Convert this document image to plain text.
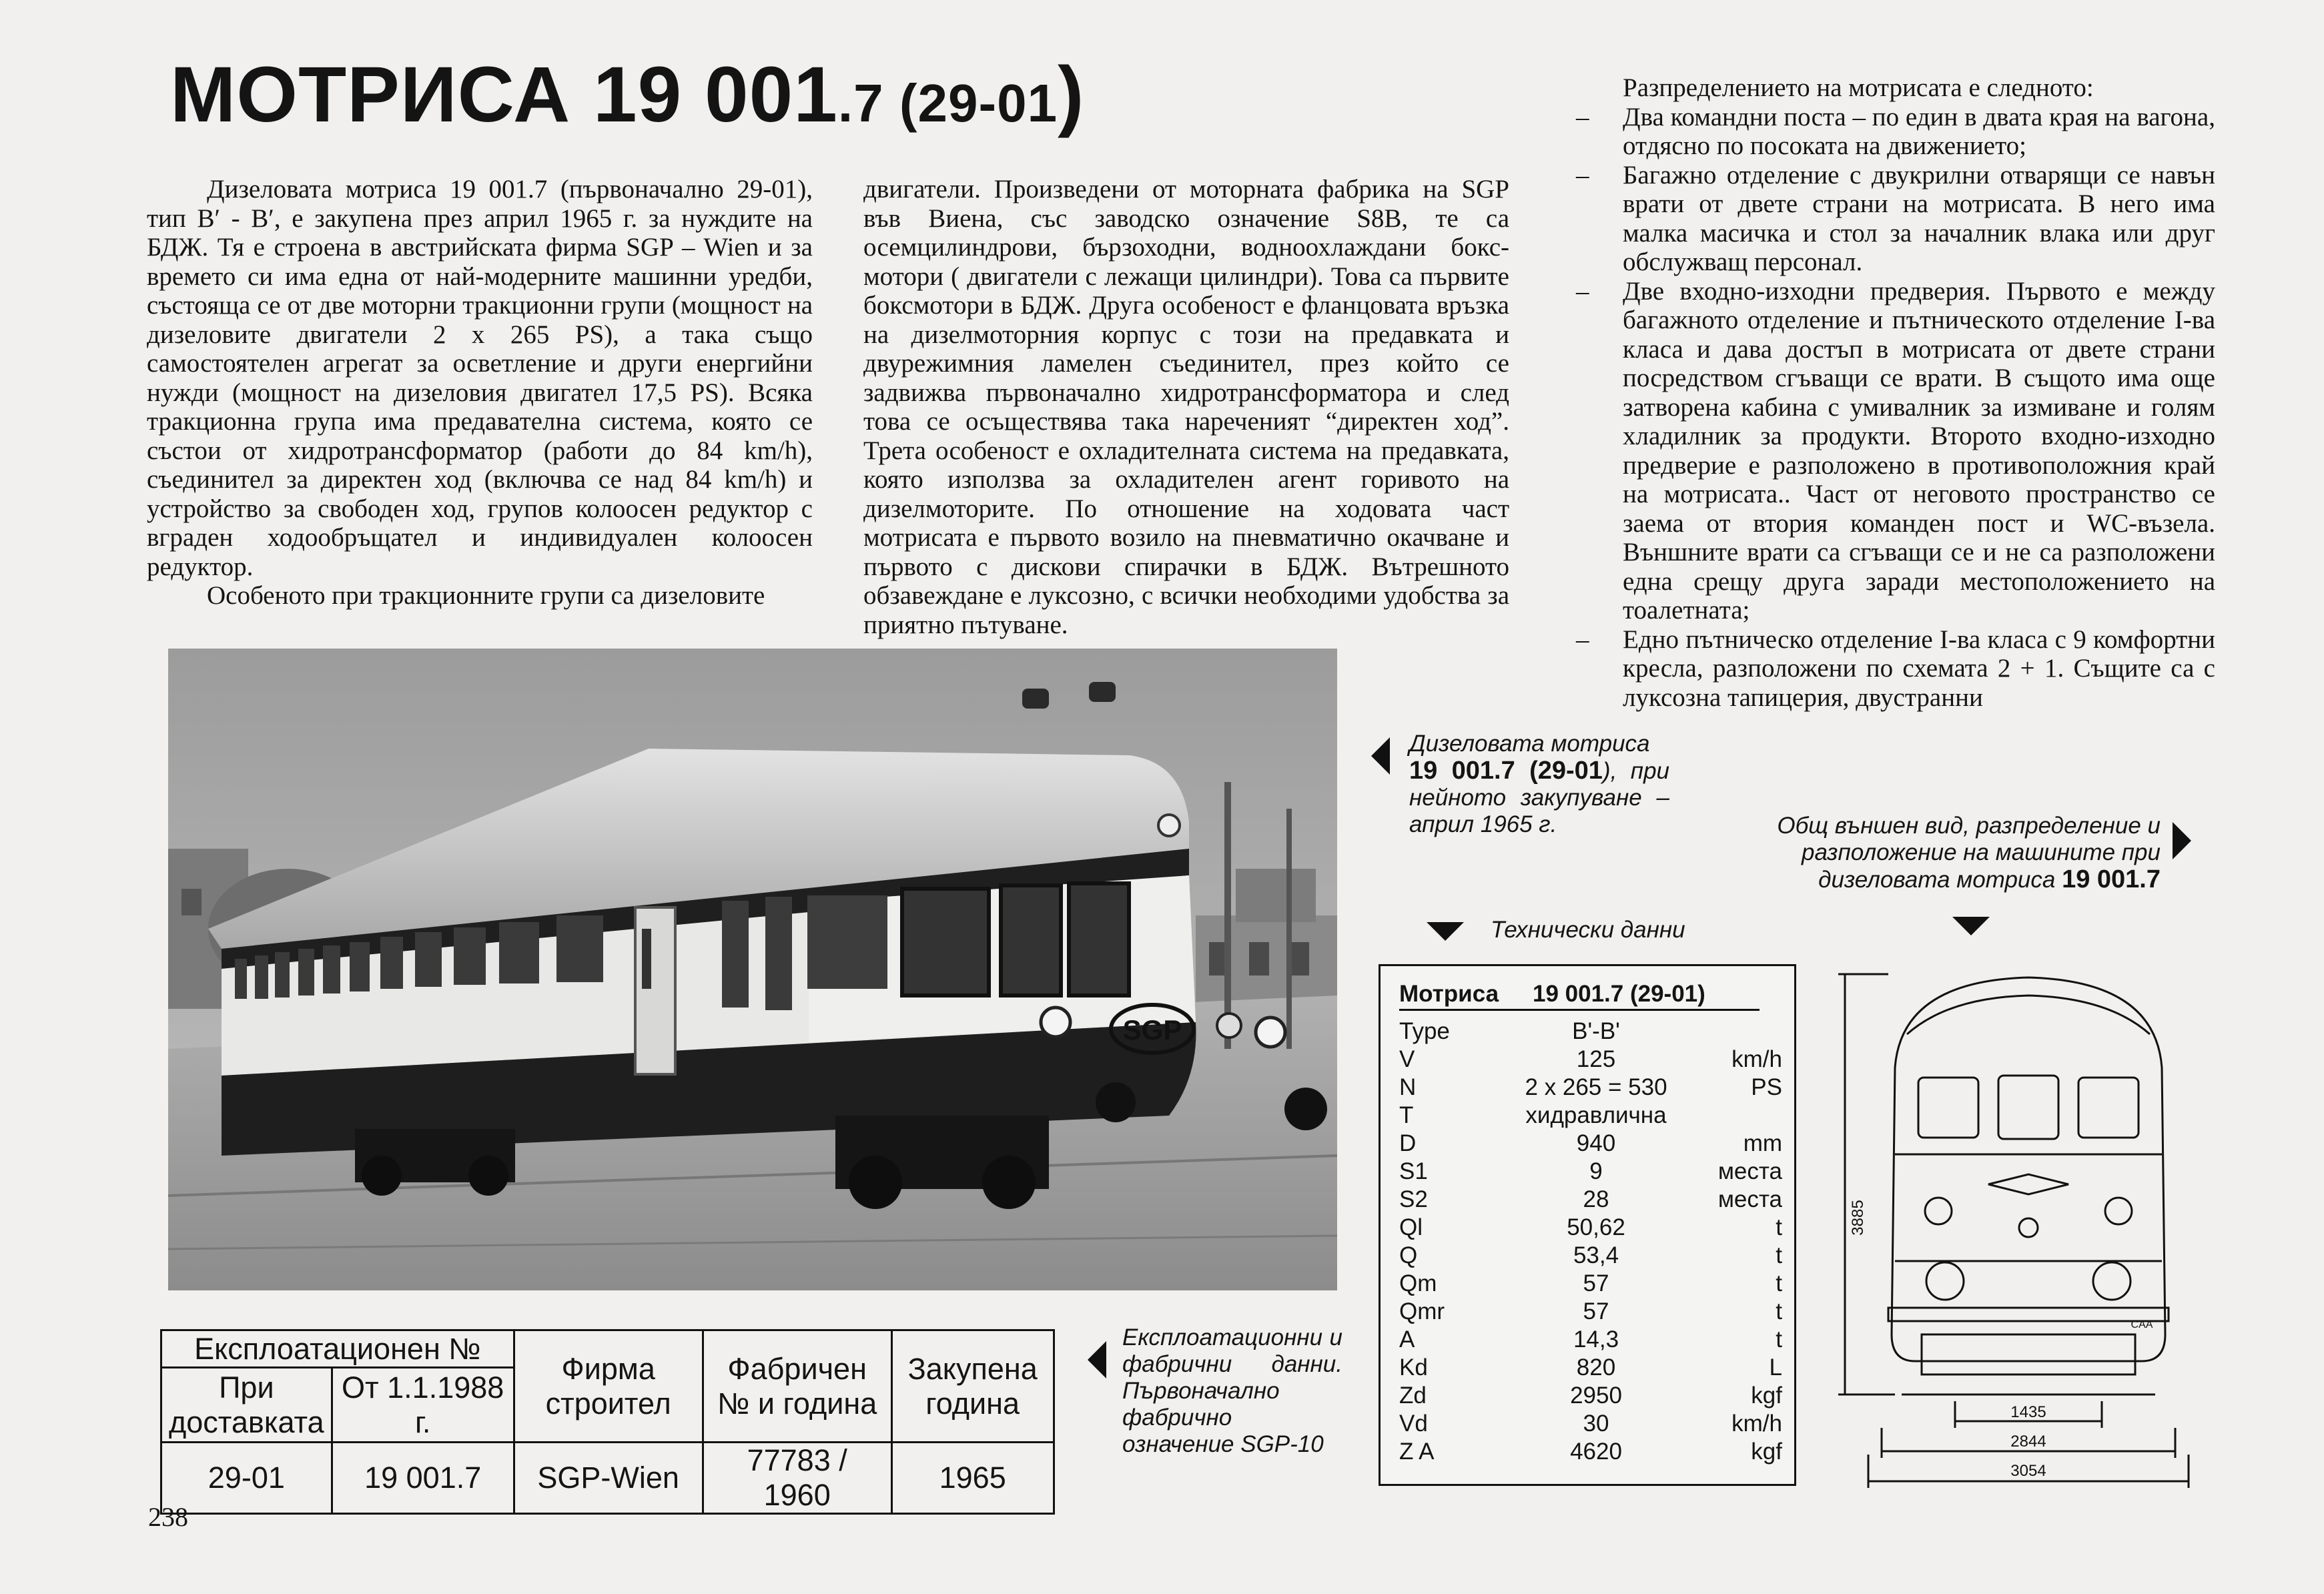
МОТРИСА 19 001.7 (29-01)

Дизеловата мотриса 19 001.7 (първоначално 29-01), тип B′ - B′, е закупена през април 1965 г. за нуждите на БДЖ. Тя е строена в австрийската фирма SGP – Wien и за времето си има една от най-модерните машинни уредби, състояща се от две моторни тракционни групи (мощност на дизеловите двигатели 2 х 265 PS), а така също самостоятелен агрегат за осветление и други енергийни нужди (мощност на дизеловия двигател 17,5 PS). Всяка тракционна група има предавателна система, която се състои от хидротрансформатор (работи до 84 km/h), съединител за директен ход (включва се над 84 km/h) и устройство за свободен ход, групов колоосен редуктор с вграден ходообръщател и индивидуален колоосен редуктор.

Особеното при тракционните групи са дизеловите

двигатели. Произведени от моторната фабрика на SGP във Виена, със заводско означение S8B, те са осемцилиндрови, бързоходни, водноохлаждани бокс-мотори ( двигатели с лежащи цилиндри). Това са първите боксмотори в БДЖ. Друга особеност е фланцовата връзка на дизелмоторния корпус с този на предавката и двурежимния ламелен съединител, през който се задвижва първоначално хидротрансформатора и след това се осъществява така нареченият “директен ход”. Трета особеност е охладителната система на предавката, която използва за охладителен агент горивото на дизелмоторите. По отношение на ходовата част мотрисата е първото возило на пневматично окачване и първото с дискови спирачки в БДЖ. Вътрешното обзавеждане е луксозно, с всички необходими удобства за приятно пътуване.

Разпределението на мотрисата е следното:

– Два командни поста – по един в двата края на вагона, отдясно по посоката на движението;
– Багажно отделение с двукрилни отварящи се навън врати от двете страни на мотрисата. В него има малка масичка и стол за началник влака или друг обслужващ персонал.
– Две входно-изходни предверия. Първото е между багажното отделение и пътническото отделение I-ва класа и дава достъп в мотрисата от двете страни посредством сгъващи се врати. В същото има още затворена кабина с умивалник за измиване и голям хладилник за продукти. Второто входно-изходно предверие е разположено в противоположния край на мотрисата.. Част от неговото пространство се заема от втория команден пост и WC-възела. Външните врати са сгъващи се и не са разположени една срещу друга заради местоположението на тоалетната;
– Едно пътническо отделение I-ва класа с 9 комфортни кресла, разположени по схемата 2 + 1. Същите са с луксозна тапицерия, двустранни
SGP
Дизеловата мотриса
19 001.7 (29-01), при нейното закупуване – април 1965 г.	Общ външен вид, разпределение и разположение на машините при дизеловата мотриса 19 001.7
Технически данни
Мотриса 19 001.7 (29-01)
Type	B'-B'
V	125	km/h
N	2 x 265 = 530	PS
T	хидравлична
D	940	mm
S1	9	места
S2	28	места
Ql	50,62	t
Q	53,4	t
Qm	57	t
Qmr	57	t
A	14,3	t
Kd	820	L
Zd	2950	kgf
Vd	30	km/h
Z A	4620	kgf
3885
1435
2844
3054
CAA
Експлоатационен №		Фирма строител	Фабричен № и година	Закупена година
При доставката	От 1.1.1988 г.			
29-01	19 001.7	SGP-Wien	77783 / 1960	1965
Експлоатационни и фабрични данни. Първоначално фабрично означение SGP-10
238
